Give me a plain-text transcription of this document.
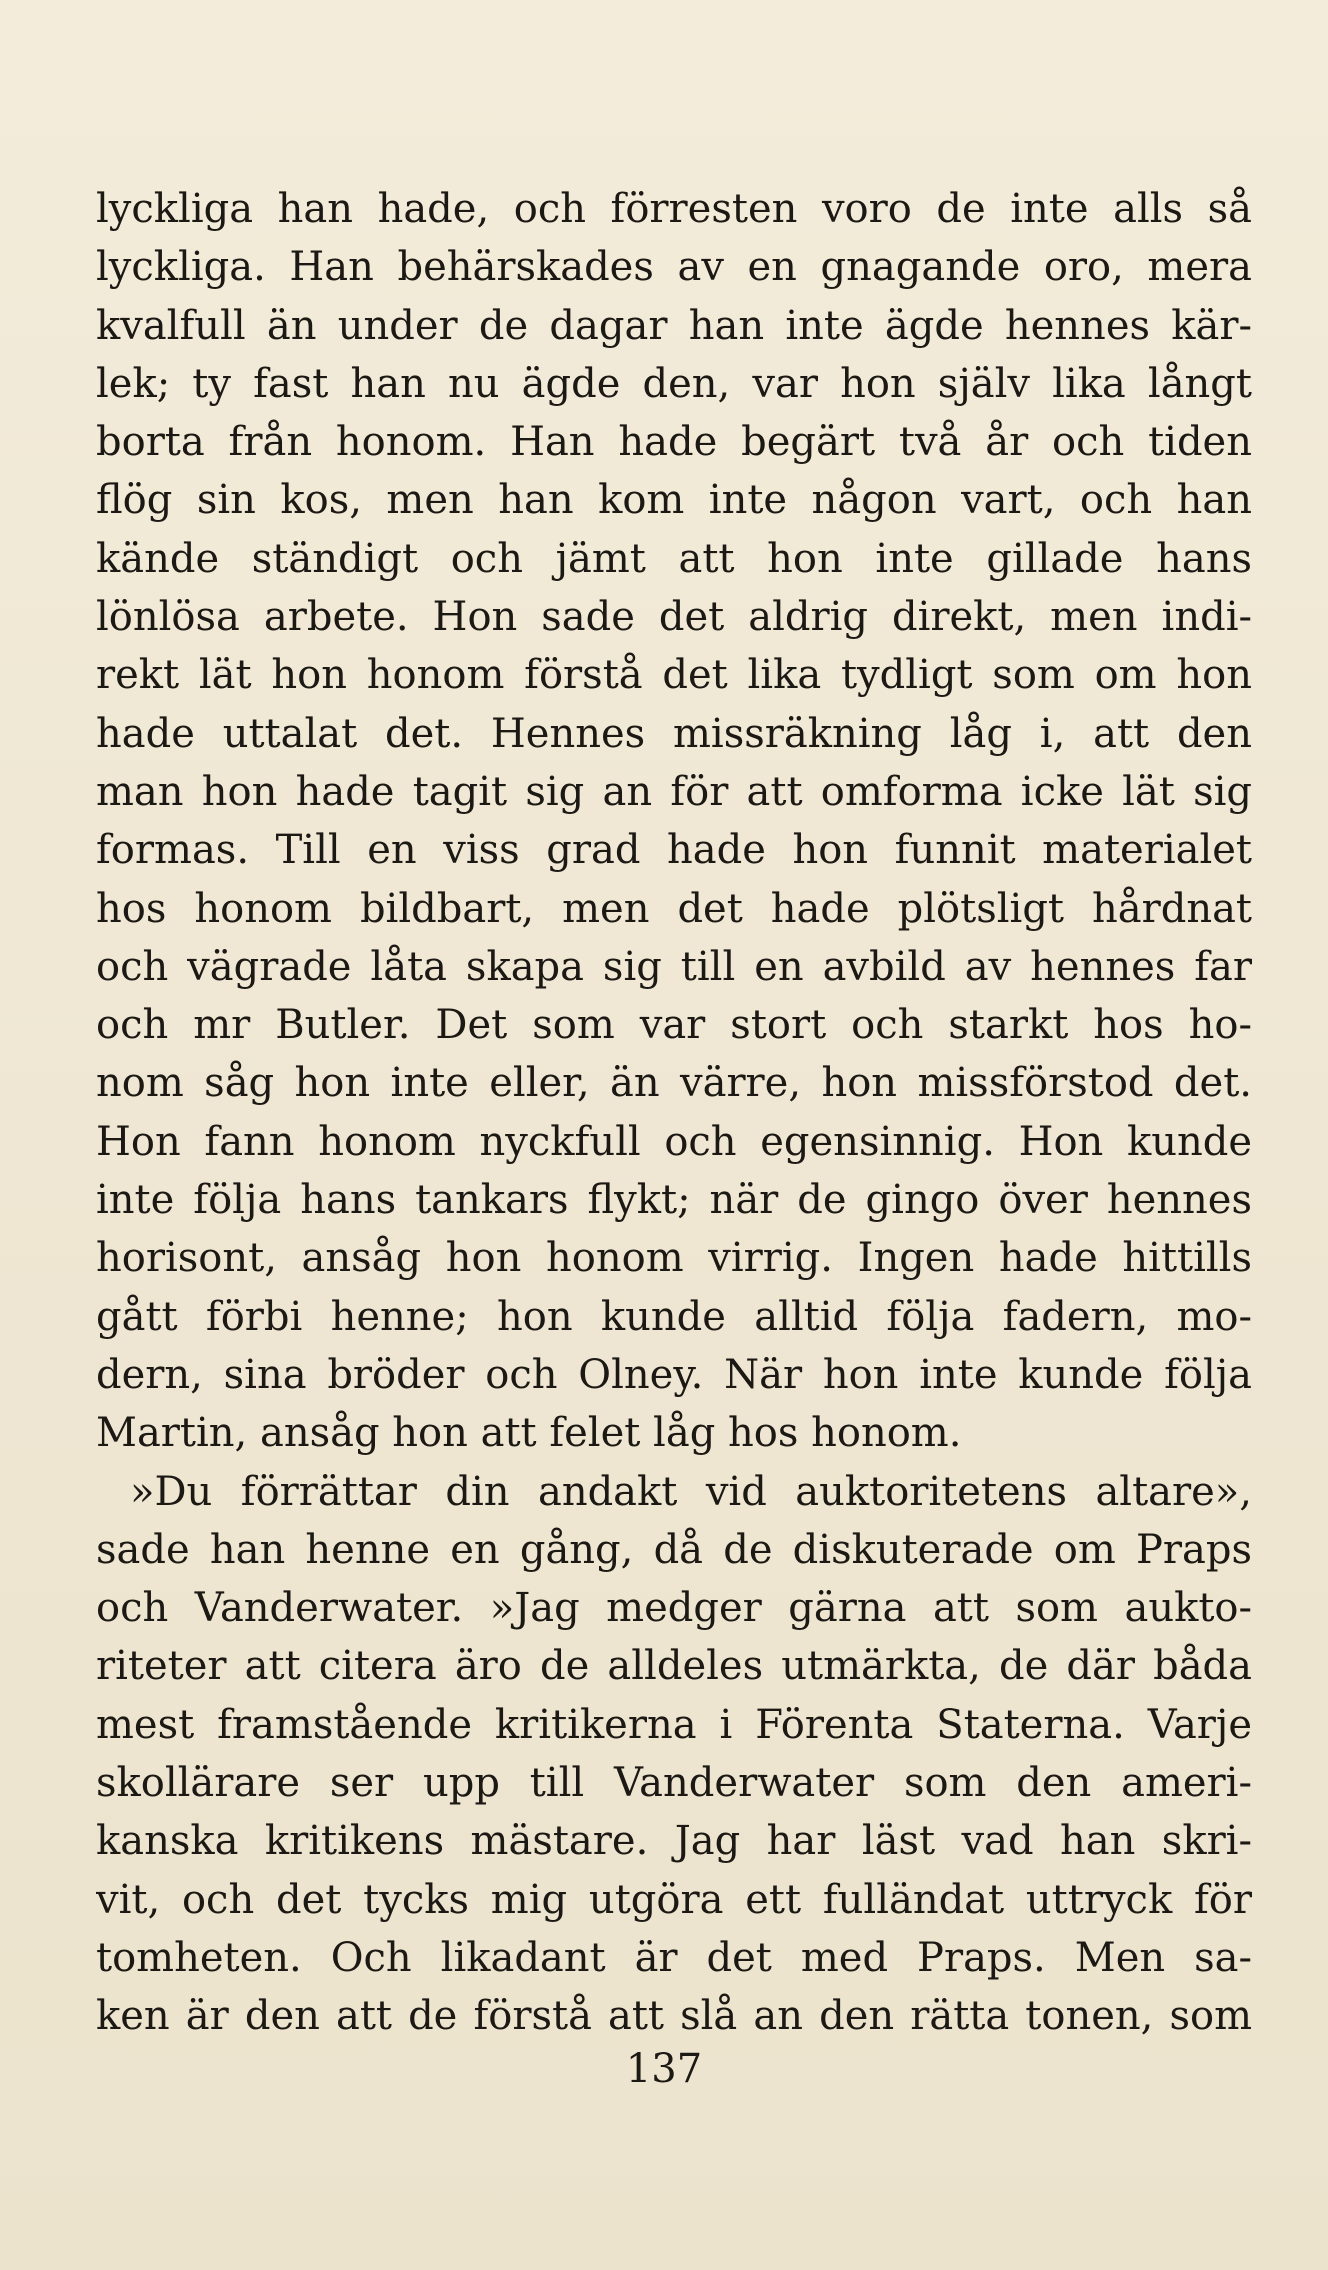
lyckliga han hade, och förresten voro de inte alls så
lyckliga. Han behärskades av en gnagande oro, mera
kvalfull än under de dagar han inte ägde hennes kär-
lek; ty fast han nu ägde den, var hon själv lika långt
borta från honom. Han hade begärt två år och tiden
flög sin kos, men han kom inte någon vart, och han
kände ständigt och jämt att hon inte gillade hans
lönlösa arbete. Hon sade det aldrig direkt, men indi-
rekt lät hon honom förstå det lika tydligt som om hon
hade uttalat det. Hennes missräkning låg i, att den
man hon hade tagit sig an för att omforma icke lät sig
formas. Till en viss grad hade hon funnit materialet
hos honom bildbart, men det hade plötsligt hårdnat
och vägrade låta skapa sig till en avbild av hennes far
och mr Butler. Det som var stort och starkt hos ho-
nom såg hon inte eller, än värre, hon missförstod det.
Hon fann honom nyckfull och egensinnig. Hon kunde
inte följa hans tankars flykt; när de gingo över hennes
horisont, ansåg hon honom virrig. Ingen hade hittills
gått förbi henne; hon kunde alltid följa fadern, mo-
dern, sina bröder och Olney. När hon inte kunde följa
Martin, ansåg hon att felet låg hos honom.
»Du förrättar din andakt vid auktoritetens altare»,
sade han henne en gång, då de diskuterade om Praps
och Vanderwater. »Jag medger gärna att som aukto-
riteter att citera äro de alldeles utmärkta, de där båda
mest framstående kritikerna i Förenta Staterna. Varje
skollärare ser upp till Vanderwater som den ameri-
kanska kritikens mästare. Jag har läst vad han skri-
vit, och det tycks mig utgöra ett fulländat uttryck för
tomheten. Och likadant är det med Praps. Men sa-
ken är den att de förstå att slå an den rätta tonen, som
137
